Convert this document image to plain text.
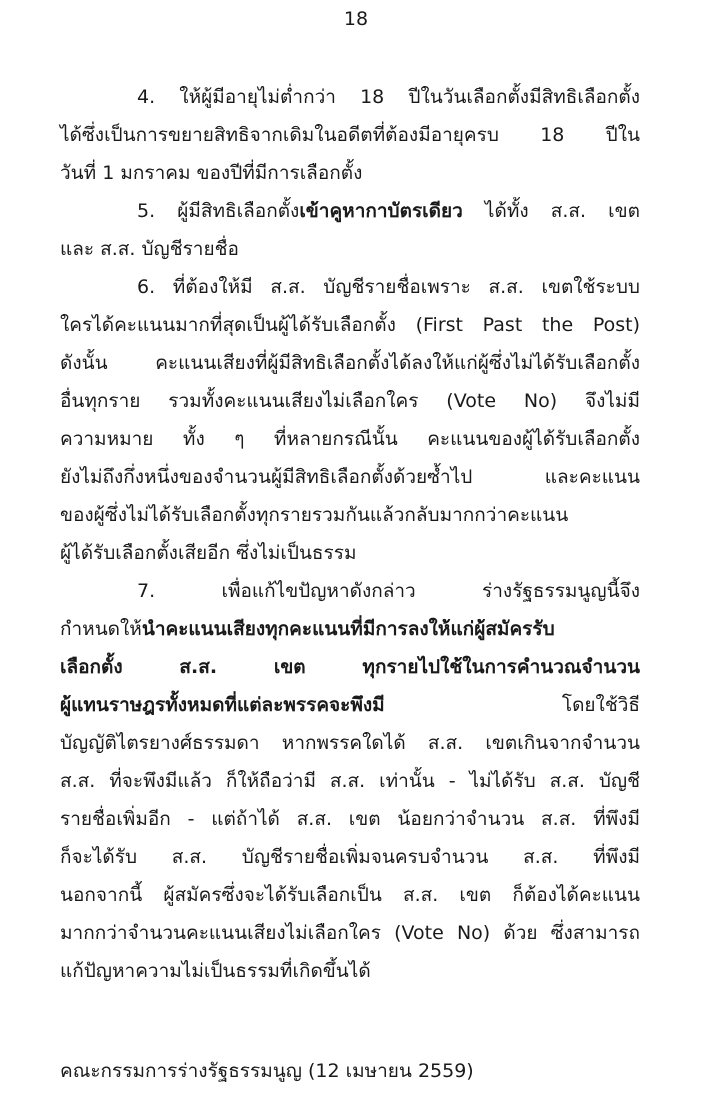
18
4. ให้ผู้มีอายุไม่ต่ำกว่า 18 ปีในวันเลือกตั้งมีสิทธิเลือกตั้ง
ได้ซึ่งเป็นการขยายสิทธิจากเดิมในอดีตที่ต้องมีอายุครบ 18 ปีใน
วันที่ 1 มกราคม ของปีที่มีการเลือกตั้ง
5. ผู้มีสิทธิเลือกตั้งเข้าคูหากาบัตรเดียว ได้ทั้ง ส.ส. เขต
และ ส.ส. บัญชีรายชื่อ
6. ที่ต้องให้มี ส.ส. บัญชีรายชื่อเพราะ ส.ส. เขตใช้ระบบ
ใครได้คะแนนมากที่สุดเป็นผู้ได้รับเลือกตั้ง (First Past the Post)
ดังนั้น คะแนนเสียงที่ผู้มีสิทธิเลือกตั้งได้ลงให้แก่ผู้ซึ่งไม่ได้รับเลือกตั้ง
อื่นทุกราย รวมทั้งคะแนนเสียงไม่เลือกใคร (Vote No) จึงไม่มี
ความหมาย ทั้ง ๆ ที่หลายกรณีนั้น คะแนนของผู้ได้รับเลือกตั้ง
ยังไม่ถึงกึ่งหนึ่งของจำนวนผู้มีสิทธิเลือกตั้งด้วยซ้ำไป และคะแนน
ของผู้ซึ่งไม่ได้รับเลือกตั้งทุกรายรวมกันแล้วกลับมากกว่าคะแนน
ผู้ได้รับเลือกตั้งเสียอีก ซึ่งไม่เป็นธรรม
7. เพื่อแก้ไขปัญหาดังกล่าว ร่างรัฐธรรมนูญนี้จึง
กำหนดให้นำคะแนนเสียงทุกคะแนนที่มีการลงให้แก่ผู้สมัครรับ
เลือกตั้ง ส.ส. เขต ทุกรายไปใช้ในการคำนวณจำนวน
ผู้แทนราษฎรทั้งหมดที่แต่ละพรรคจะพึงมี โดยใช้วิธี
บัญญัติไตรยางศ์ธรรมดา หากพรรคใดได้ ส.ส. เขตเกินจากจำนวน
ส.ส. ที่จะพึงมีแล้ว ก็ให้ถือว่ามี ส.ส. เท่านั้น - ไม่ได้รับ ส.ส. บัญชี
รายชื่อเพิ่มอีก - แต่ถ้าได้ ส.ส. เขต น้อยกว่าจำนวน ส.ส. ที่พึงมี
ก็จะได้รับ ส.ส. บัญชีรายชื่อเพิ่มจนครบจำนวน ส.ส. ที่พึงมี
นอกจากนี้ ผู้สมัครซึ่งจะได้รับเลือกเป็น ส.ส. เขต ก็ต้องได้คะแนน
มากกว่าจำนวนคะแนนเสียงไม่เลือกใคร (Vote No) ด้วย ซึ่งสามารถ
แก้ปัญหาความไม่เป็นธรรมที่เกิดขึ้นได้
คณะกรรมการร่างรัฐธรรมนูญ (12 เมษายน 2559)
